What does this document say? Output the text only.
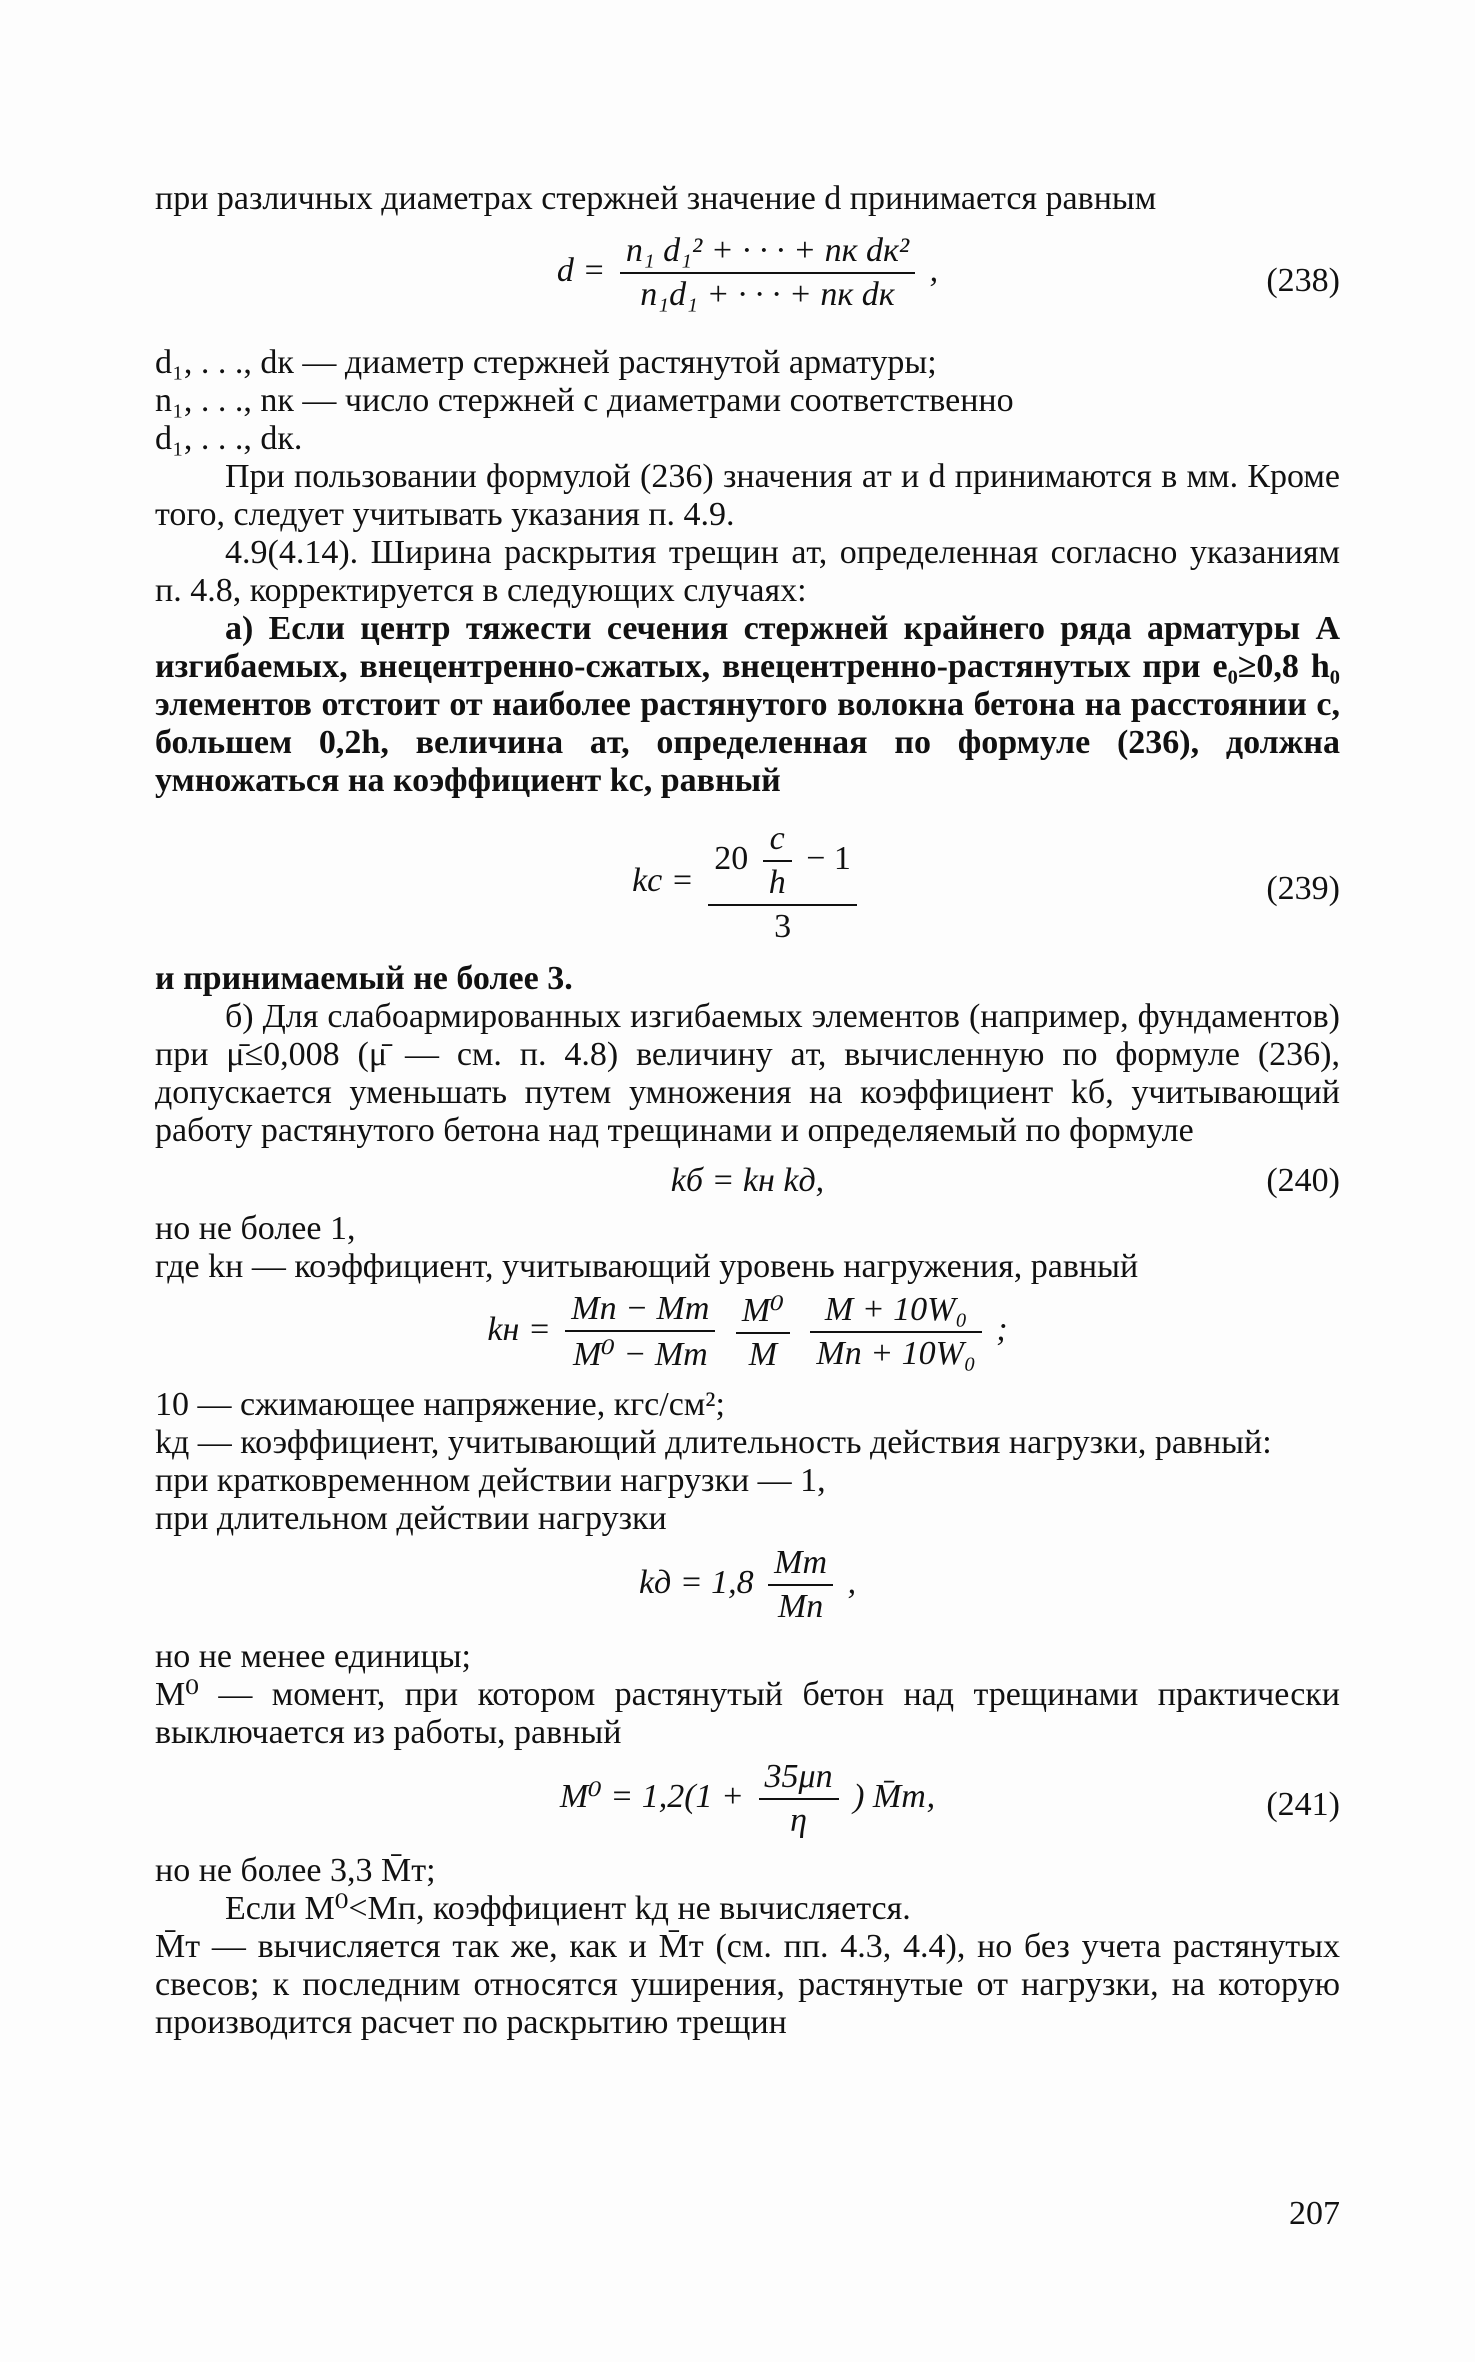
при различных диаметрах стержней значение d принимается равным

$d = \frac{\text{n₁ d₁² + · · · + nк dк²}}{\text{n₁d₁ + · · · + nк dк}}$ ,	(238)

d₁, . . ., dк — диаметр стержней растянутой арматуры;

n₁, . . ., nк — число стержней с диаметрами соответственно

d₁, . . ., dк.

При пользовании формулой (236) значения aт и d принимаются в мм. Кроме того, следует учитывать указания п. 4.9.

4.9(4.14). Ширина раскрытия трещин aт, определенная согласно указаниям п. 4.8, корректируется в следующих случаях:

а) Если центр тяжести сечения стержней крайнего ряда арматуры А изгибаемых, внецентренно-сжатых, внецентренно-растянутых при e₀≥0,8 h₀ элементов отстоит от наиболее растянутого волокна бетона на расстоянии c, большем 0,2h, величина aт, определенная по формуле (236), должна умножаться на коэффициент kс, равный

kс =
$20 \frac{c}{h} - 1$
3
(239)

и принимаемый не более 3.

б) Для слабоармированных изгибаемых элементов (например, фундаментов) при μ̄≤0,008 (μ̄ — см. п. 4.8) величину aт, вычисленную по формуле (236), допускается уменьшать путем умножения на коэффициент kб, учитывающий работу растянутого бетона над трещинами и определяемый по формуле

kб = kн kд,	(240)

но не более 1,

где kн — коэффициент, учитывающий уровень нагружения, равный

kн = $\frac{Mп - Mт}{\text{M⁰ − Mт}}$
$\frac{\text{M⁰}}{M}$
$\frac{\text{M + 10W₀}}{\text{Mп + 10W₀}}$ ;

10 — сжимающее напряжение, кгс/см²;

kд — коэффициент, учитывающий длительность действия нагрузки, равный:

при кратковременном действии нагрузки — 1,

при длительном действии нагрузки

kд = $1,8 \frac{Mт}{Mп}$ ,

но не менее единицы;

M⁰ — момент, при котором растянутый бетон над трещинами практически выключается из работы, равный

$M^0 = 1,2(1 + \frac{35\mu n}{\eta}$ ) M̄т,	(241)

но не более 3,3 M̄т;

Если M⁰<Mп, коэффициент kд не вычисляется.

M̄т — вычисляется так же, как и M̄т (см. пп. 4.3, 4.4), но без учета растянутых свесов; к последним относятся уширения, растянутые от нагрузки, на которую производится расчет по раскрытию трещин

207
